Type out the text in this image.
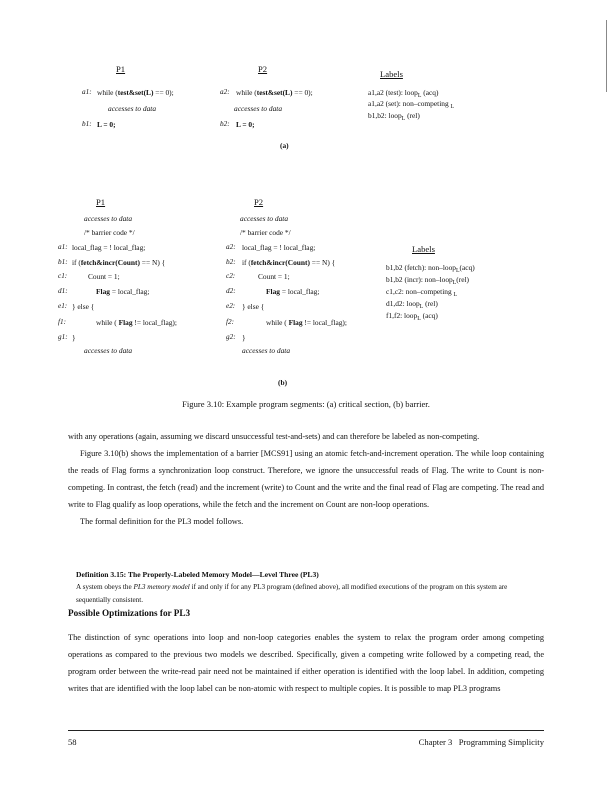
P1	P2	Labels
a1: while (test&set(L) == 0);
accesses to data
b1: L = 0;
a2: while (test&set(L) == 0);
accesses to data
b2: L = 0;
a1,a2 (test): loop$_L$ (acq)
a1,a2 (set): non–competing $_L$
b1,b2: loop$_L$ (rel)
(a)
P1	P2
Labels
accesses to data
/* barrier code */
accesses to data
/* barrier code */
a1: local_flag = ! local_flag;
b1: if (fetch&incr(Count) == N) {
c1:	Count = 1;
d1:	Flag = local_flag;
e1: } else {
f1:	while ( Flag != local_flag);
g1: }
accesses to data
a2: local_flag = ! local_flag;
b2: if (fetch&incr(Count) == N) {
c2:	Count = 1;
d2:	Flag = local_flag;
e2: } else {
f2:	while ( Flag != local_flag);
g2: }
accesses to data
b1,b2 (fetch): non–loop$_L$(acq)
b1,b2 (incr): non–loop$_L$(rel)
c1,c2: non–competing $_L$
d1,d2: loop$_L$ (rel)
f1,f2: loop$_L$ (acq)
(b)
Figure 3.10: Example program segments: (a) critical section, (b) barrier.

with any operations (again, assuming we discard unsuccessful test-and-sets) and can therefore be labeled as non-competing.

Figure 3.10(b) shows the implementation of a barrier [MCS91] using an atomic fetch-and-increment operation. The while loop containing the reads of Flag forms a synchronization loop construct. Therefore, we ignore the unsuccessful reads of Flag. The write to Count is non-competing. In contrast, the fetch (read) and the increment (write) to Count and the write and the final read of Flag are competing. The read and write to Flag qualify as loop operations, while the fetch and the increment on Count are non-loop operations.

The formal definition for the PL3 model follows.

Definition 3.15: The Properly-Labeled Memory Model—Level Three (PL3)
A system obeys the PL3 memory model if and only if for any PL3 program (defined above), all modified executions of the program on this system are sequentially consistent.
Possible Optimizations for PL3

The distinction of sync operations into loop and non-loop categories enables the system to relax the program order among competing operations as compared to the previous two models we described. Specifically, given a competing write followed by a competing read, the program order between the write-read pair need not be maintained if either operation is identified with the loop label. In addition, competing writes that are identified with the loop label can be non-atomic with respect to multiple copies. It is possible to map PL3 programs

58	Chapter 3   Programming Simplicity
